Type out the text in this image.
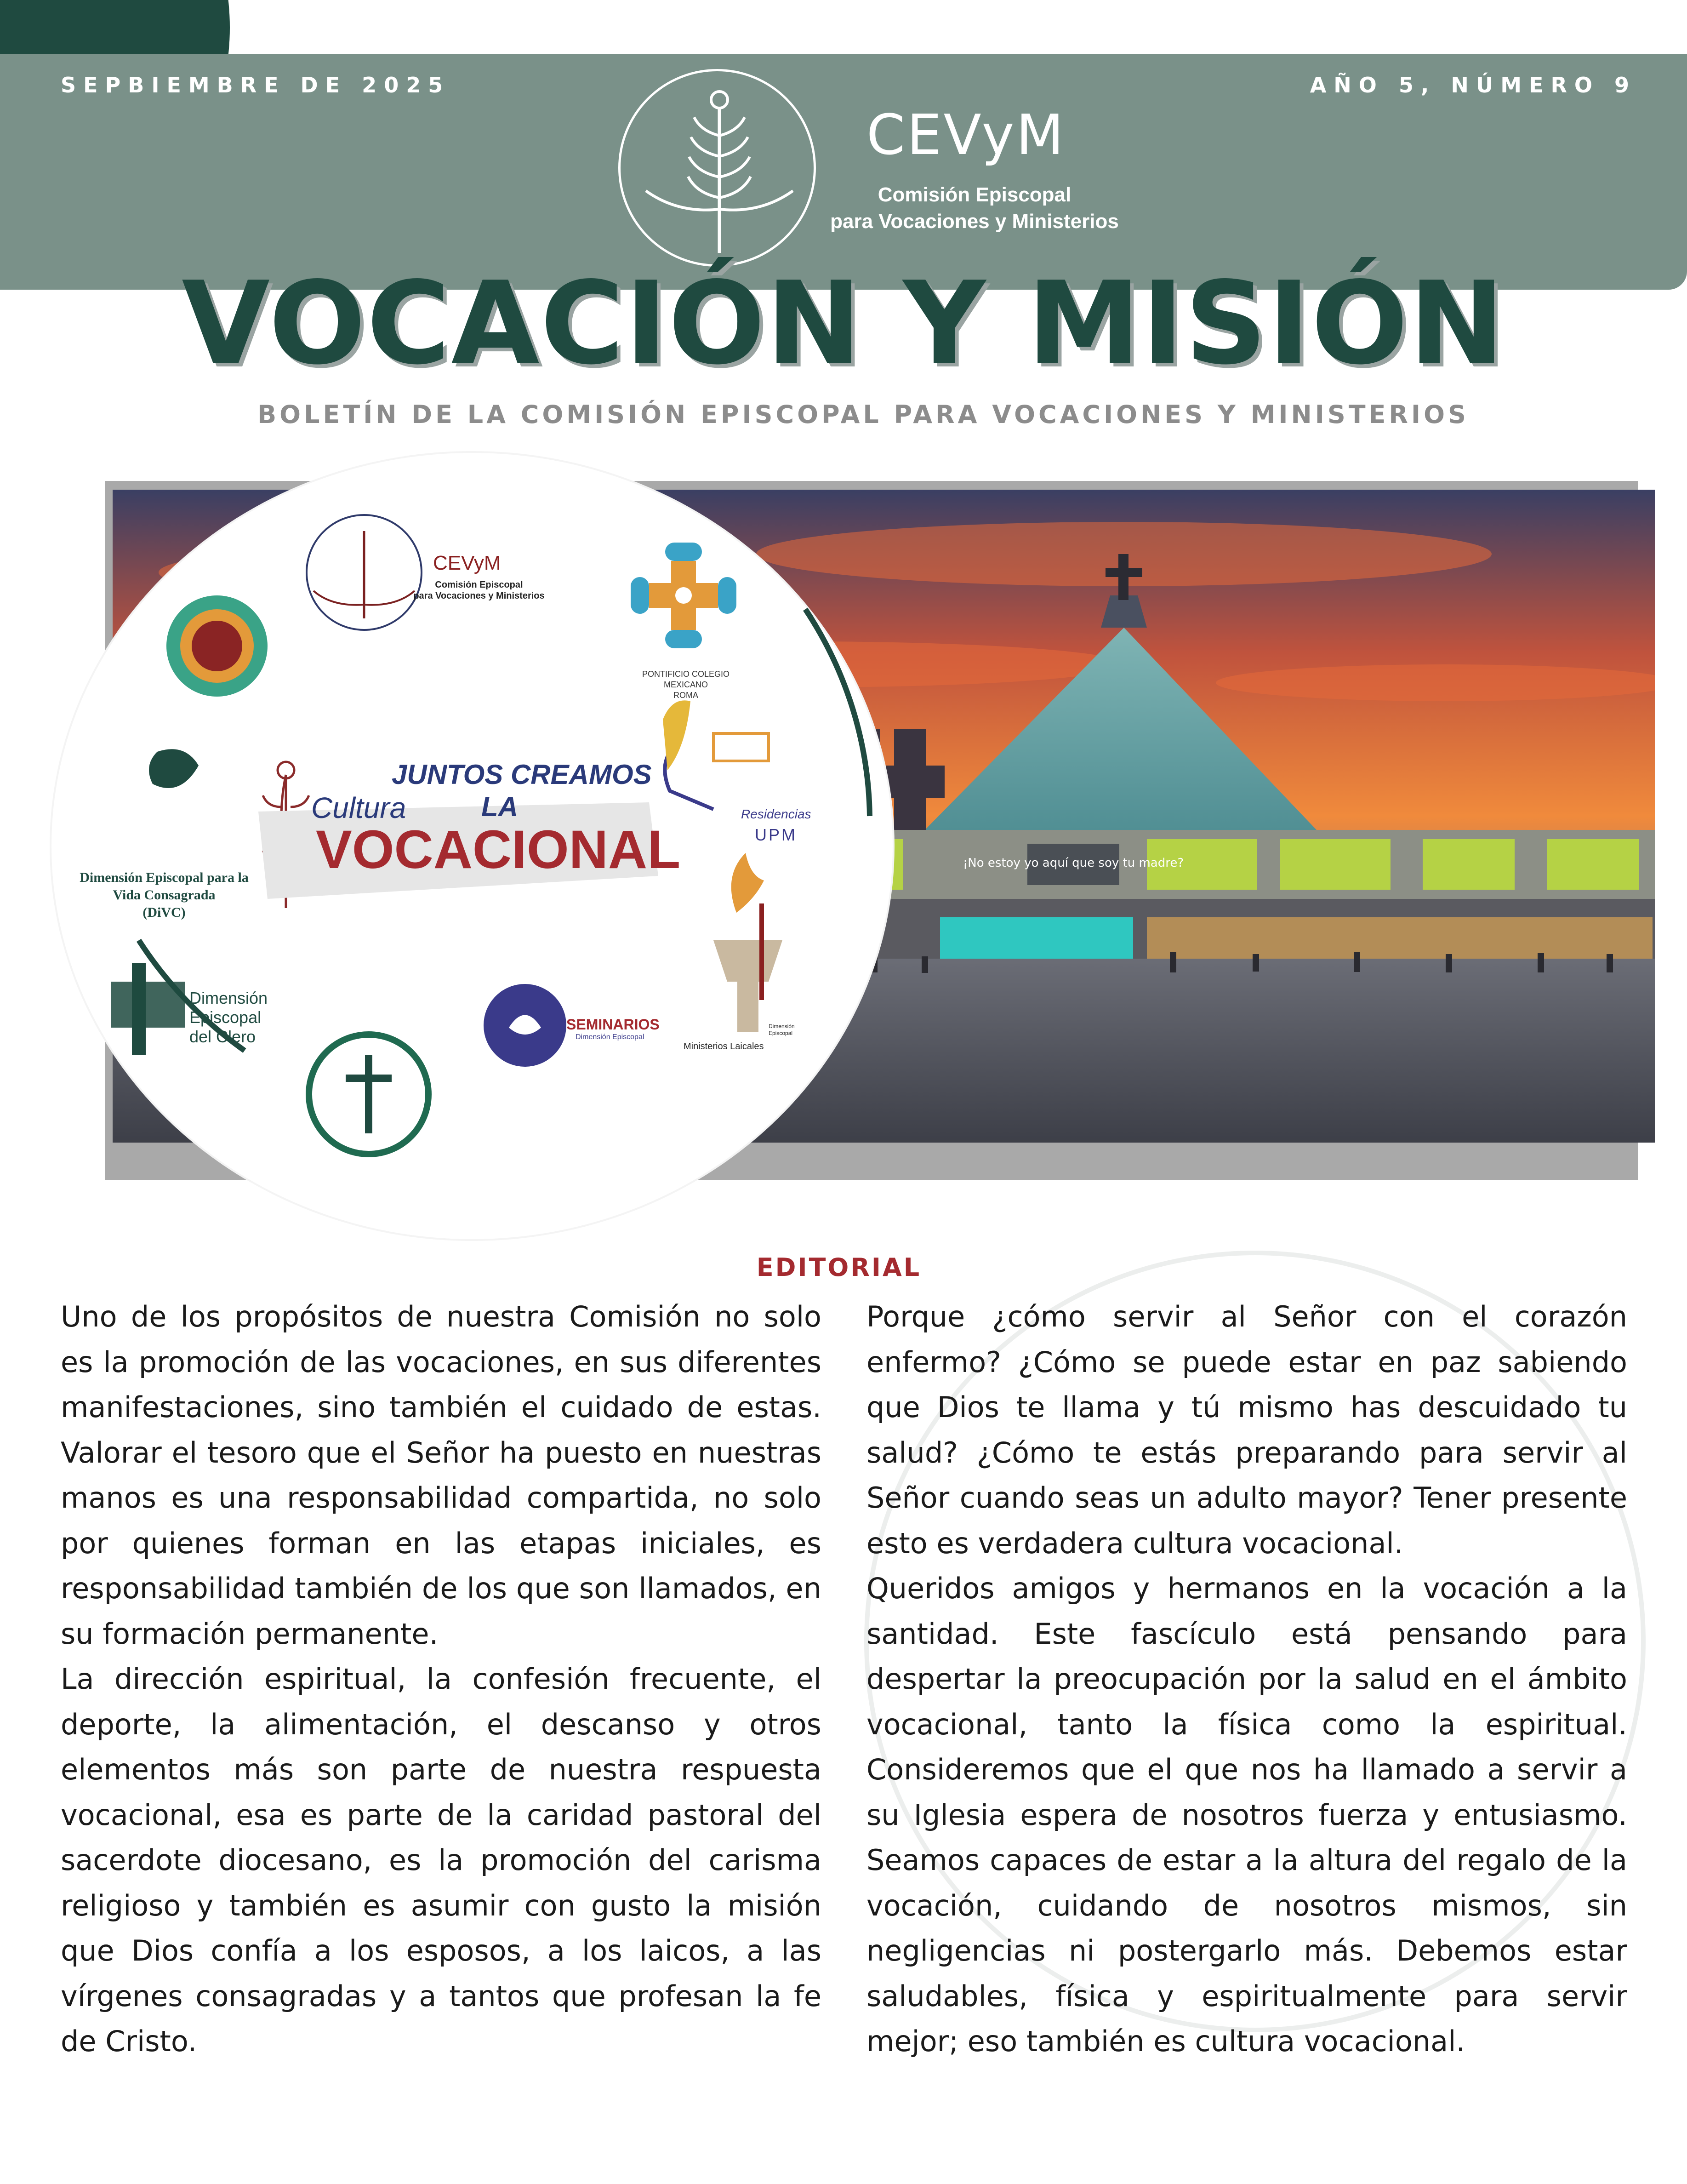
SEPBIEMBRE DE 2025	AÑO 5, NÚMERO 9
CEVyM
Comisión Episcopal
para Vocaciones y Ministerios
VOCACIÓN Y MISIÓN
BOLETÍN DE LA COMISIÓN EPISCOPAL PARA VOCACIONES Y MINISTERIOS
¡No estoy yo aquí que soy tu madre?
CEVyM
Comisión Episcopal
para Vocaciones y Ministerios
PONTIFICIO COLEGIO
MEXICANO
ROMA
JUNTOS CREAMOS
Cultura	LA
VOCACIONAL
Residencias
UPM
Dimensión Episcopal para la
Vida Consagrada
(DiVC)
Dimensión
Episcopal
del Clero
Ministerios Laicales
Dimensión Episcopal
SEMINARIOS
Dimensión Episcopal
EDITORIAL

Uno de los propósitos de nuestra Comisión no solo es la promoción de las vocaciones, en sus diferentes manifestaciones, sino también el cuidado de estas. Valorar el tesoro que el Señor ha puesto en nuestras manos es una responsabilidad compartida, no solo por quienes forman en las etapas iniciales, es responsabilidad también de los que son llamados, en su formación permanente.

La dirección espiritual, la confesión frecuente, el deporte, la alimentación, el descanso y otros elementos más son parte de nuestra respuesta vocacional, esa es parte de la caridad pastoral del sacerdote diocesano, es la promoción del carisma religioso y también es asumir con gusto la misión que Dios confía a los esposos, a los laicos, a las vírgenes consagradas y a tantos que profesan la fe de Cristo.

Porque ¿cómo servir al Señor con el corazón enfermo? ¿Cómo se puede estar en paz sabiendo que Dios te llama y tú mismo has descuidado tu salud? ¿Cómo te estás preparando para servir al Señor cuando seas un adulto mayor? Tener presente esto es verdadera cultura vocacional.

Queridos amigos y hermanos en la vocación a la santidad. Este fascículo está pensando para despertar la preocupación por la salud en el ámbito vocacional, tanto la física como la espiritual. Consideremos que el que nos ha llamado a servir a su Iglesia espera de nosotros fuerza y entusiasmo. Seamos capaces de estar a la altura del regalo de la vocación, cuidando de nosotros mismos, sin negligencias ni postergarlo más. Debemos estar saludables, física y espiritualmente para servir mejor; eso también es cultura vocacional.
